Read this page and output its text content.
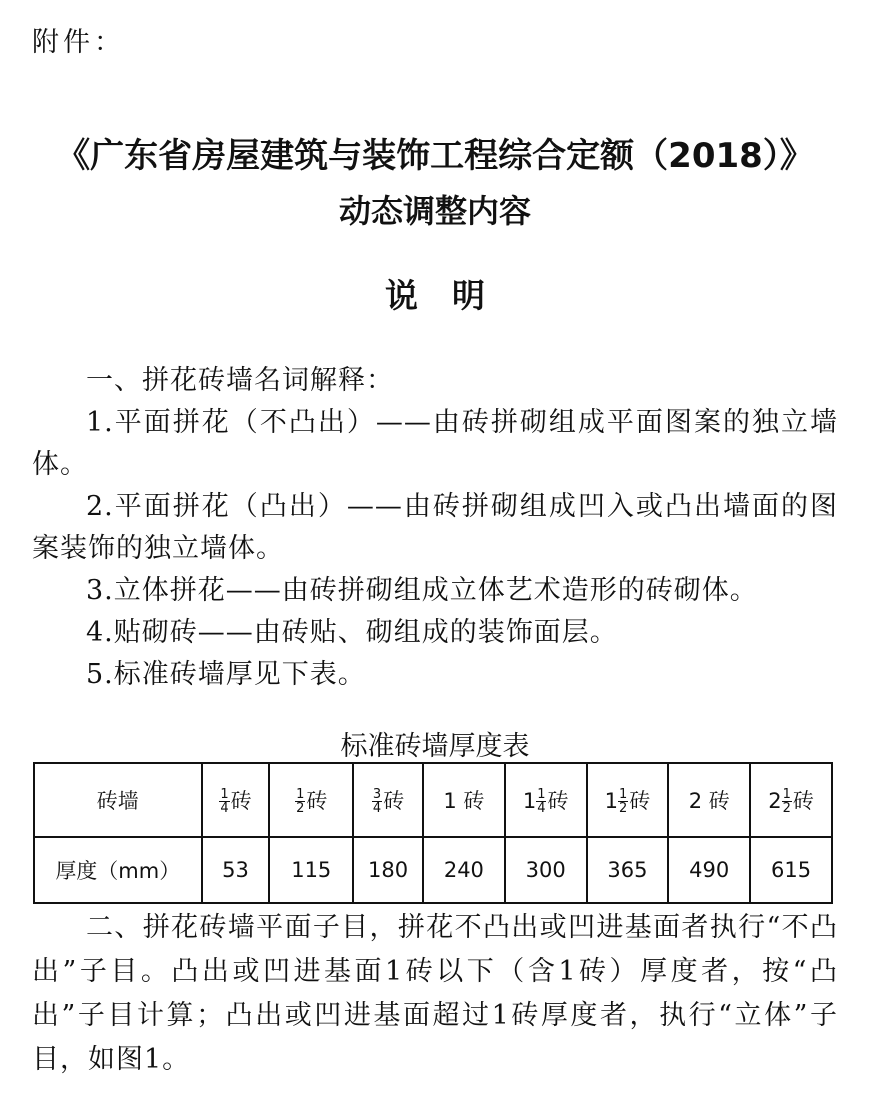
附件：
《广东省房屋建筑与装饰工程综合定额（2018）》
动态调整内容
说明

一、拼花砖墙名词解释：

1.平面拼花（不凸出）——由砖拼砌组成平面图案的独立墙体。

2.平面拼花（凸出）——由砖拼砌组成凹入或凸出墙面的图案装饰的独立墙体。

3.立体拼花——由砖拼砌组成立体艺术造形的砖砌体。

4.贴砌砖——由砖贴、砌组成的装饰面层。

5.标准砖墙厚见下表。

标准砖墙厚度表
砖墙	$\frac{1}{4}$ 砖	$\frac{1}{2}$ 砖	$\frac{3}{4}$ 砖	1 砖	$1 \frac{1}{4}$ 砖	$1 \frac{1}{2}$ 砖	2 砖	$2 \frac{1}{2}$ 砖
厚度（mm）	53	115	180	240	300	365	490	615

二、拼花砖墙平面子目，拼花不凸出或凹进基面者执行“不凸出”子目。凸出或凹进基面1砖以下（含1砖）厚度者，按“凸出”子目计算；凸出或凹进基面超过1砖厚度者，执行“立体”子目，如图1。
